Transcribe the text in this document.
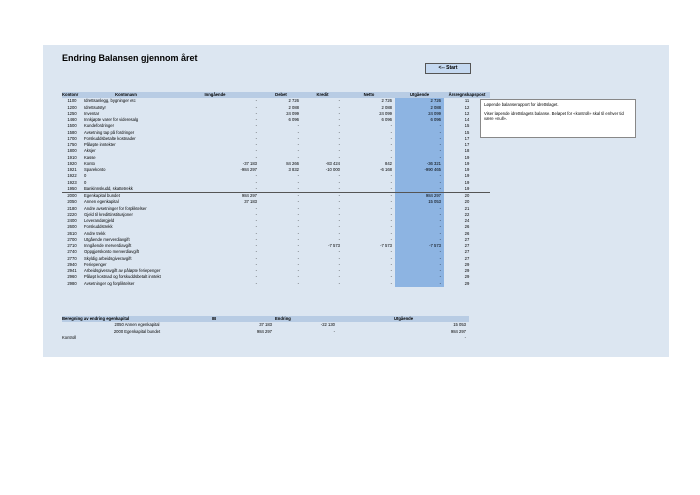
Endring Balansen gjennom året
<-- Start
Kontonr	Kontonavn	Inngående	Debet	Kredit	Netto	Utgående	Årsregnskapspost
1100	Idrettsanlegg, bygninger etc	-	2 726	-	2 726	2 726	11
1200	Idrettsutstyr	-	2 088	-	2 088	2 088	12
1250	Inventar	-	24 099	-	24 099	24 099	12
1460	Innkjøpte varer for videresalg	-	6 096	-	6 096	6 096	14
1500	Kundefordringer	-	-	-	-	-	15
1580	Avsetning tap på fordringer	-	-	-	-	-	15
1700	Forskuddsbetalte kostnader	-	-	-	-	-	17
1750	Påløpte inntekter	-	-	-	-	-	17
1800	Aksjer	-	-	-	-	-	18
1910	Kasse	-	-	-	-	-	19
1920	Konto	-37 183	84 266	-83 424	842	-36 321	19
1921	Sparekonto	-984 297	3 832	-10 000	-6 168	-990 465	19
1922	0	-	-	-	-	-	19
1923	0	-	-	-	-	-	19
1950	Bankinnskudd, skattetrekk	-	-	-	-	-	19
2000	Egenkapital bundet	984 297	-	-	-	984 297	20
2050	Annen egenkapital	37 183	-	-	-	15 053	20
2180	Andre avsetninger for forpliktelser	-	-	-	-	-	21
2220	Gjeld til kredittinstitusjoner	-	-	-	-	-	22
2400	Leverandørgjeld	-	-	-	-	-	24
2600	Forskuddstrekk	-	-	-	-	-	26
2610	Andre trekk	-	-	-	-	-	26
2700	Utgående merverdiavgift	-	-	-	-	-	27
2710	Inngående merverdiavgift	-	-	-7 573	-7 573	-7 573	27
2740	Oppgjørskonto merverdiavgift	-	-	-	-	-	27
2770	Skyldig arbeidsgiveravgift	-	-	-	-	-	27
2940	Feriepenger	-	-	-	-	-	29
2941	Arbeidsgiveravgift av påløpte feriepenger	-	-	-	-	-	29
2960	Påløpt kostnad og forskuddsbetalt inntekt	-	-	-	-	-	29
2980	Avsetninger og forpliktelser	-	-	-	-	-	29

Løpende balanserapport for idrettslaget.

Viser løpende idrettslagets balanse. Beløpet for «kontroll» skal til enhver tid være «null».

Beregning av endring egenkapital	IB	Endring	Utgående
2050 Annen egenkapital	37 183	-22 130	15 053
2000 Egenkapital bundet	984 297	-	984 297
Kontroll			-
